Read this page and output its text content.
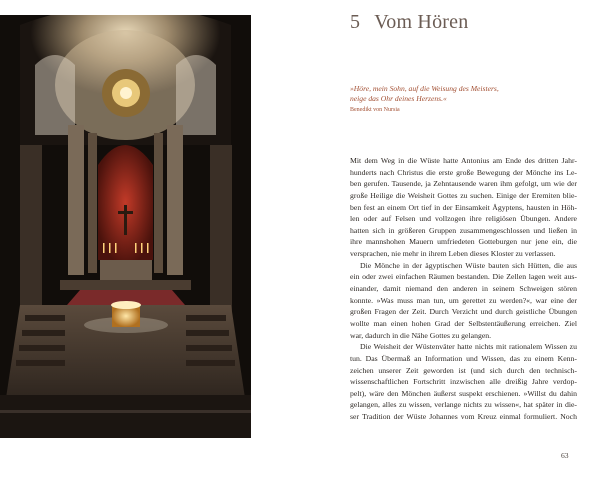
5 Vom Hören

»Höre, mein Sohn, auf die Weisung des Meisters,

neige das Ohr deines Herzens.«

Benedikt von Nursia

Mit dem Weg in die Wüste hatte Antonius am Ende des dritten Jahr-
hunderts nach Christus die erste große Bewegung der Mönche ins Le-
ben gerufen. Tausende, ja Zehntausende waren ihm gefolgt, um wie der
große Heilige die Weisheit Gottes zu suchen. Einige der Eremiten blie-
ben fest an einem Ort tief in der Einsamkeit Ägyptens, hausten in Höh-
len oder auf Felsen und vollzogen ihre religiösen Übungen. Andere
hatten sich in größeren Gruppen zusammengeschlossen und ließen in
ihre mannshohen Mauern umfriedeten Gotteburgen nur jene ein, die
versprachen, nie mehr in ihrem Leben dieses Kloster zu verlassen.
Die Mönche in der ägyptischen Wüste bauten sich Hütten, die aus
ein oder zwei einfachen Räumen bestanden. Die Zellen lagen weit aus-
einander, damit niemand den anderen in seinem Schweigen stören
konnte. »Was muss man tun, um gerettet zu werden?«, war eine der
großen Fragen der Zeit. Durch Verzicht und durch geistliche Übungen
wollte man einen hohen Grad der Selbstentäußerung erreichen. Ziel
war, dadurch in die Nähe Gottes zu gelangen.
Die Weisheit der Wüstenväter hatte nichts mit rationalem Wissen zu
tun. Das Übermaß an Information und Wissen, das zu einem Kenn-
zeichen unserer Zeit geworden ist (und sich durch den technisch-
wissenschaftlichen Fortschritt inzwischen alle dreißig Jahre verdop-
pelt), wäre den Mönchen äußerst suspekt erschienen. »Willst du dahin
gelangen, alles zu wissen, verlange nichts zu wissen«, hat später in die-
ser Tradition der Wüste Johannes vom Kreuz einmal formuliert. Noch
63
